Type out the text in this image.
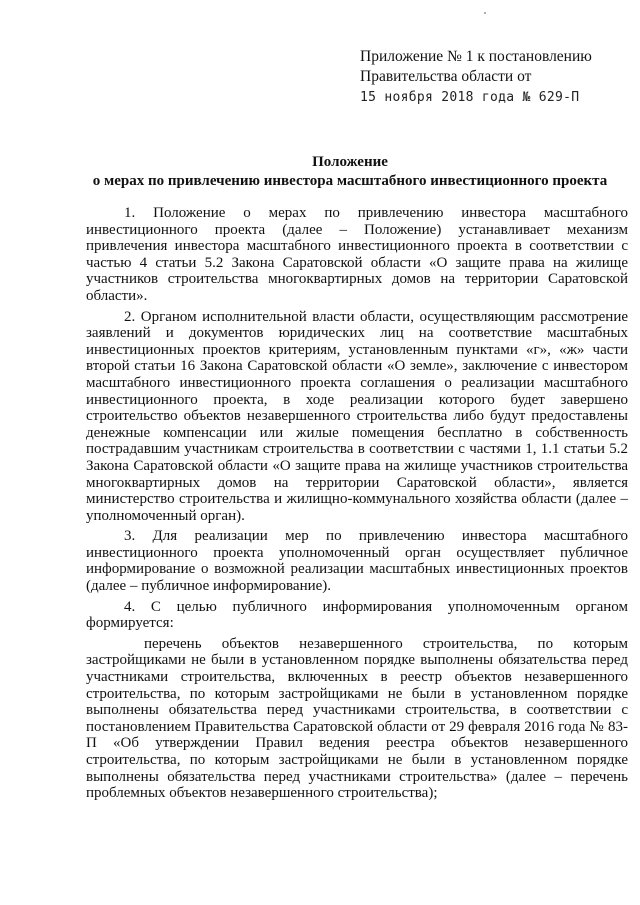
Приложение № 1 к постановлению
Правительства области от
15 ноября 2018 года № 629-П
Положение
о мерах по привлечению инвестора масштабного инвестиционного проекта

1. Положение о мерах по привлечению инвестора масштабного инвестиционного проекта (далее – Положение) устанавливает механизм привлечения инвестора масштабного инвестиционного проекта в соответствии с частью 4 статьи 5.2 Закона Саратовской области «О защите права на жилище участников строительства многоквартирных домов на территории Саратовской области».

2. Органом исполнительной власти области, осуществляющим рассмотрение заявлений и документов юридических лиц на соответствие масштабных инвестиционных проектов критериям, установленным пунктами «г», «ж» части второй статьи 16 Закона Саратовской области «О земле», заключение с инвестором масштабного инвестиционного проекта соглашения о реализации масштабного инвестиционного проекта, в ходе реализации которого будет завершено строительство объектов незавершенного строительства либо будут предоставлены денежные компенсации или жилые помещения бесплатно в собственность пострадавшим участникам строительства в соответствии с частями 1, 1.1 статьи 5.2 Закона Саратовской области «О защите права на жилище участников строительства многоквартирных домов на территории Саратовской области», является министерство строительства и жилищно-коммунального хозяйства области (далее – уполномоченный орган).

3. Для реализации мер по привлечению инвестора масштабного инвестиционного проекта уполномоченный орган осуществляет публичное информирование о возможной реализации масштабных инвестиционных проектов (далее – публичное информирование).

4. С целью публичного информирования уполномоченным органом формируется:

перечень объектов незавершенного строительства, по которым застройщиками не были в установленном порядке выполнены обязательства перед участниками строительства, включенных в реестр объектов незавершенного строительства, по которым застройщиками не были в установленном порядке выполнены обязательства перед участниками строительства, в соответствии с постановлением Правительства Саратовской области от 29 февраля 2016 года № 83-П «Об утверждении Правил ведения реестра объектов незавершенного строительства, по которым застройщиками не были в установленном порядке выполнены обязательства перед участниками строительства» (далее – перечень проблемных объектов незавершенного строительства);
